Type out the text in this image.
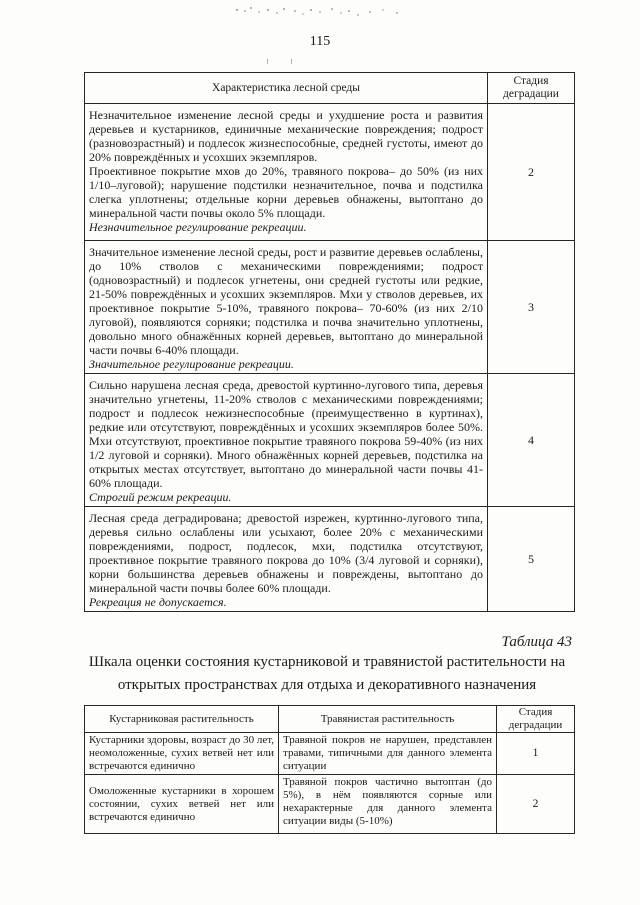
115
Характеристика лесной среды	Стадия деградации

Незначительное изменение лесной среды и ухудшение роста и развития деревьев и кустарников, единичные механические повреждения; подрост (разновозрастный) и подлесок жизнеспособные, средней густоты, имеют до 20% повреждённых и усохших экземпляров.

Проективное покрытие мхов до 20%, травяного покрова– до 50% (из них 1/10–луговой); нарушение подстилки незначительное, почва и подстилка слегка уплотнены; отдельные корни деревьев обнажены, вытоптано до минеральной части почвы около 5% площади.

Незначительное регулирование рекреации.	2

Значительное изменение лесной среды, рост и развитие деревьев ослаблены, до 10% стволов с механическими повреждениями; подрост (одновозрастный) и подлесок угнетены, они средней густоты или редкие, 21-50% повреждённых и усохших экземпляров. Мхи у стволов деревьев, их проективное покрытие 5-10%, травяного покрова– 70-60% (из них 2/10 луговой), появляются сорняки; подстилка и почва значительно уплотнены, довольно много обнажённых корней деревьев, вытоптано до минеральной части почвы 6-40% площади.

Значительное регулирование рекреации.	3

Сильно нарушена лесная среда, древостой куртинно-лугового типа, деревья значительно угнетены, 11-20% стволов с механическими повреждениями; подрост и подлесок нежизнеспособные (преимущественно в куртинах), редкие или отсутствуют, повреждённых и усохших экземпляров более 50%. Мхи отсутствуют, проективное покрытие травяного покрова 59-40% (из них 1/2 луговой и сорняки). Много обнажённых корней деревьев, подстилка на открытых местах отсутствует, вытоптано до минеральной части почвы 41-60% площади.

Строгий режим рекреации.	4

Лесная среда деградирована; древостой изрежен, куртинно-лугового типа, деревья сильно ослаблены или усыхают, более 20% с механическими повреждениями, подрост, подлесок, мхи, подстилка отсутствуют, проективное покрытие травяного покрова до 10% (3/4 луговой и сорняки), корни большинства деревьев обнажены и повреждены, вытоптано до минеральной части почвы более 60% площади.

Рекреация не допускается.	5
Таблица 43
Шкала оценки состояния кустарниковой и травянистой растительности на
открытых пространствах для отдыха и декоративного назначения
Кустарниковая растительность	Травянистая растительность	Стадия деградации

Кустарники здоровы, возраст до 30 лет, неомоложенные, сухих ветвей нет или встречаются единично	Травяной покров не нарушен, представлен травами, типичными для данного элемента ситуации	1
Омоложенные кустарники в хорошем состоянии, сухих ветвей нет или встречаются единично	Травяной покров частично вытоптан (до 5%), в нём появляются сорные или нехарактерные для данного элемента ситуации виды (5-10%)	2
